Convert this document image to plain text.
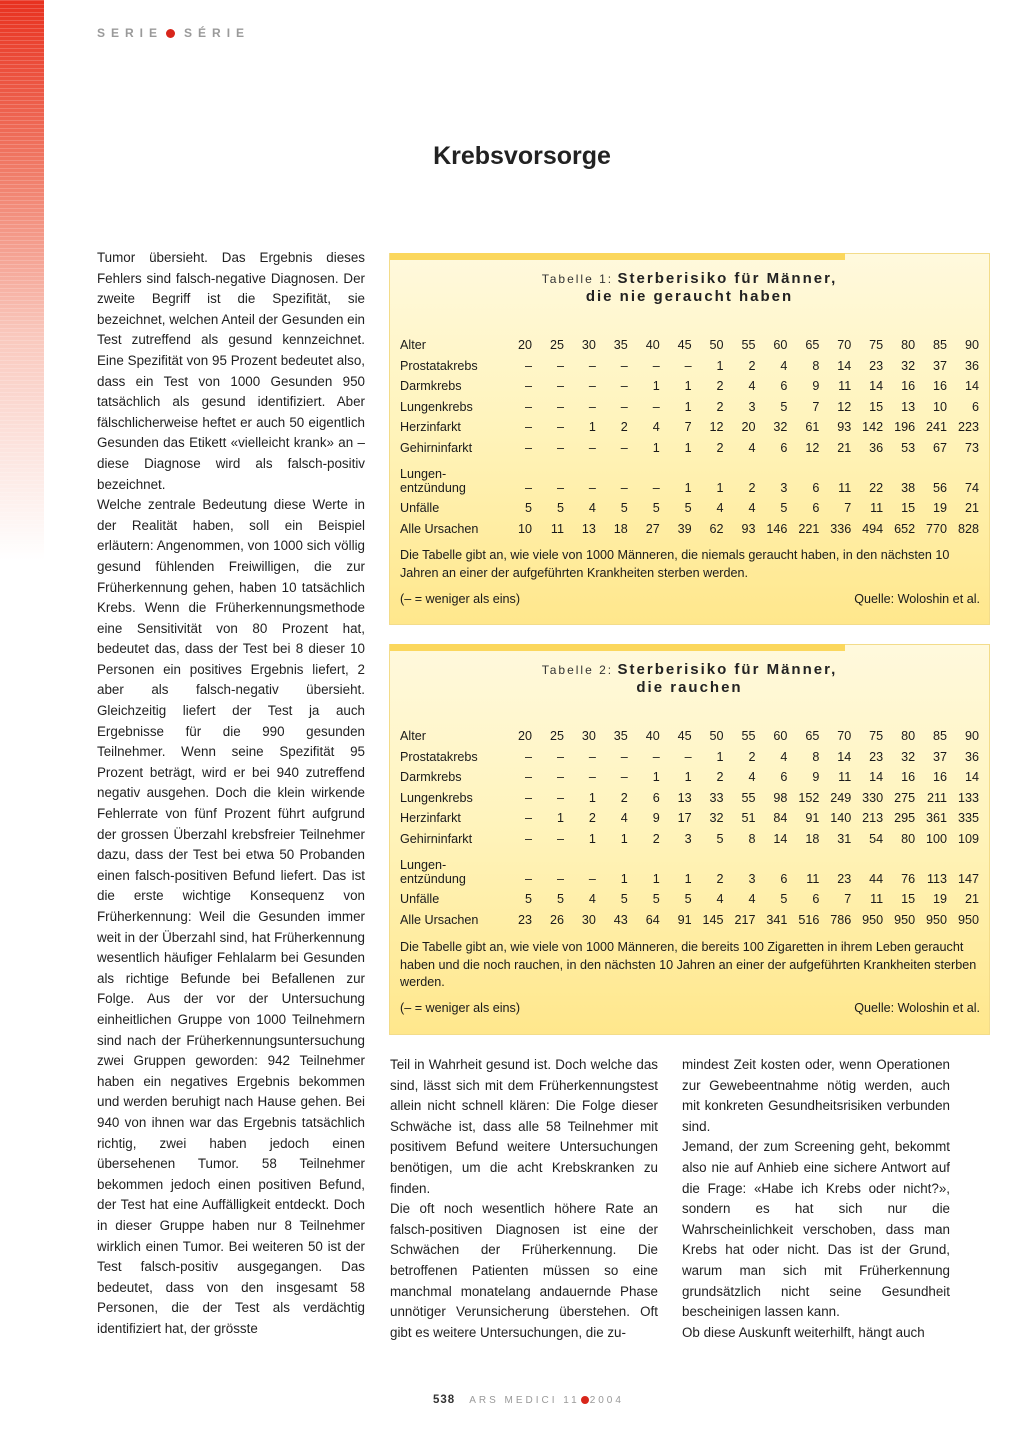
SERIE SÉRIE
Krebsvorsorge

Tumor übersieht. Das Ergebnis dieses Fehlers sind falsch-negative Diagnosen. Der zweite Begriff ist die Spezifität, sie bezeichnet, welchen Anteil der Gesunden ein Test zutreffend als gesund kennzeichnet. Eine Spezifität von 95 Prozent bedeutet also, dass ein Test von 1000 Gesunden 950 tatsächlich als gesund identifiziert. Aber fälschlicherweise heftet er auch 50 eigentlich Gesunden das Etikett «vielleicht krank» an – diese Diagnose wird als falsch-positiv bezeichnet.

Welche zentrale Bedeutung diese Werte in der Realität haben, soll ein Beispiel erläutern: Angenommen, von 1000 sich völlig gesund fühlenden Freiwilligen, die zur Früherkennung gehen, haben 10 tatsächlich Krebs. Wenn die Früherkennungsmethode eine Sensitivität von 80 Prozent hat, bedeutet das, dass der Test bei 8 dieser 10 Personen ein positives Ergebnis liefert, 2 aber als falsch-negativ übersieht. Gleichzeitig liefert der Test ja auch Ergebnisse für die 990 gesunden Teilnehmer. Wenn seine Spezifität 95 Prozent beträgt, wird er bei 940 zutreffend negativ ausgehen. Doch die klein wirkende Fehlerrate von fünf Prozent führt aufgrund der grossen Überzahl krebsfreier Teilnehmer dazu, dass der Test bei etwa 50 Probanden einen falsch-positiven Befund liefert. Das ist die erste wichtige Konsequenz von Früherkennung: Weil die Gesunden immer weit in der Überzahl sind, hat Früherkennung wesentlich häufiger Fehlalarm bei Gesunden als richtige Befunde bei Befallenen zur Folge. Aus der vor der Untersuchung einheitlichen Gruppe von 1000 Teilnehmern sind nach der Früherkennungsuntersuchung zwei Gruppen geworden: 942 Teilnehmer haben ein negatives Ergebnis bekommen und werden beruhigt nach Hause gehen. Bei 940 von ihnen war das Ergebnis tatsächlich richtig, zwei haben jedoch einen übersehenen Tumor. 58 Teilnehmer bekommen jedoch einen positiven Befund, der Test hat eine Auffälligkeit entdeckt. Doch in dieser Gruppe haben nur 8 Teilnehmer wirklich einen Tumor. Bei weiteren 50 ist der Test falsch-positiv ausgegangen. Das bedeutet, dass von den insgesamt 58 Personen, die der Test als verdächtig identifiziert hat, der grösste

Teil in Wahrheit gesund ist. Doch welche das sind, lässt sich mit dem Früherkennungstest allein nicht schnell klären: Die Folge dieser Schwäche ist, dass alle 58 Teilnehmer mit positivem Befund weitere Untersuchungen benötigen, um die acht Krebskranken zu finden.

Die oft noch wesentlich höhere Rate an falsch-positiven Diagnosen ist eine der Schwächen der Früherkennung. Die betroffenen Patienten müssen so eine manchmal monatelang andauernde Phase unnötiger Verunsicherung überstehen. Oft gibt es weitere Untersuchungen, die zu-

mindest Zeit kosten oder, wenn Operationen zur Gewebeentnahme nötig werden, auch mit konkreten Gesundheitsrisiken verbunden sind.

Jemand, der zum Screening geht, bekommt also nie auf Anhieb eine sichere Antwort auf die Frage: «Habe ich Krebs oder nicht?», sondern es hat sich nur die Wahrscheinlichkeit verschoben, dass man Krebs hat oder nicht. Das ist der Grund, warum man sich mit Früherkennung grundsätzlich nicht seine Gesundheit bescheinigen lassen kann.

Ob diese Auskunft weiterhilft, hängt auch

Tabelle 1: Sterberisiko für Männer,
die nie geraucht haben
Alter	20	25	30	35	40	45	50	55	60	65	70	75	80	85	90
Prostatakrebs	–	–	–	–	–	–	1	2	4	8	14	23	32	37	36
Darmkrebs	–	–	–	–	1	1	2	4	6	9	11	14	16	16	14
Lungenkrebs	–	–	–	–	–	1	2	3	5	7	12	15	13	10	6
Herzinfarkt	–	–	1	2	4	7	12	20	32	61	93	142	196	241	223
Gehirninfarkt	–	–	–	–	1	1	2	4	6	12	21	36	53	67	73

Lungen-
entzündung	–	–	–	–	–	1	1	2	3	6	11	22	38	56	74
Unfälle	5	5	4	5	5	5	4	4	5	6	7	11	15	19	21
Alle Ursachen	10	11	13	18	27	39	62	93	146	221	336	494	652	770	828
Die Tabelle gibt an, wie viele von 1000 Männeren, die niemals geraucht haben, in den nächsten 10 Jahren an einer der aufgeführten Krankheiten sterben werden.
(– = weniger als eins)	Quelle: Woloshin et al.
Tabelle 2: Sterberisiko für Männer,
die rauchen
Alter	20	25	30	35	40	45	50	55	60	65	70	75	80	85	90
Prostatakrebs	–	–	–	–	–	–	1	2	4	8	14	23	32	37	36
Darmkrebs	–	–	–	–	1	1	2	4	6	9	11	14	16	16	14
Lungenkrebs	–	–	1	2	6	13	33	55	98	152	249	330	275	211	133
Herzinfarkt	–	1	2	4	9	17	32	51	84	91	140	213	295	361	335
Gehirninfarkt	–	–	1	1	2	3	5	8	14	18	31	54	80	100	109

Lungen-
entzündung	–	–	–	1	1	1	2	3	6	11	23	44	76	113	147
Unfälle	5	5	4	5	5	5	4	4	5	6	7	11	15	19	21
Alle Ursachen	23	26	30	43	64	91	145	217	341	516	786	950	950	950	950
Die Tabelle gibt an, wie viele von 1000 Männeren, die bereits 100 Zigaretten in ihrem Leben geraucht haben und die noch rauchen, in den nächsten 10 Jahren an einer der aufgeführten Krankheiten sterben werden.
(– = weniger als eins)	Quelle: Woloshin et al.
538 ARS MEDICI 11 2004
